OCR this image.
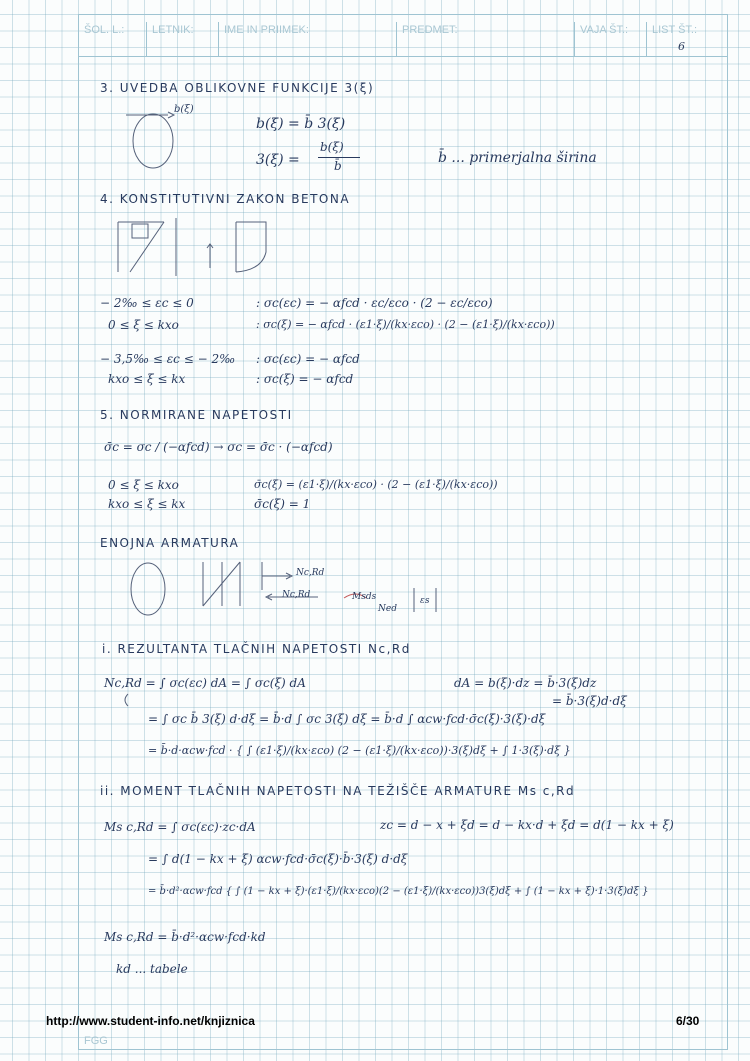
ŠOL. L.:	LETNIK:	IME IN PRIIMEK:	PREDMET:	VAJA ŠT.: LIST ŠT.:
6
3. UVEDBA OBLIKOVNE FUNKCIJE 3(ξ)
b(ξ)
b(ξ) = b̄ 3(ξ)
3(ξ) =
b(ξ)
b̄	b̄ ... primerjalna širina
4. KONSTITUTIVNI ZAKON BETONA
− 2‰ ≤ εc ≤ 0	: σc(εc) = − αfcd · εc/εco · (2 − εc/εco)
0 ≤ ξ ≤ kxo	: σc(ξ) = − αfcd · (ε1·ξ)/(kx·εco) · (2 − (ε1·ξ)/(kx·εco))
− 3,5‰ ≤ εc ≤ − 2‰ : σc(εc) = − αfcd
kxo ≤ ξ ≤ kx	: σc(ξ) = − αfcd
5. NORMIRANE NAPETOSTI
σ̄c = σc / (−αfcd) → σc = σ̄c · (−αfcd)
0 ≤ ξ ≤ kxo	σ̄c(ξ) = (ε1·ξ)/(kx·εco) · (2 − (ε1·ξ)/(kx·εco))
kxo ≤ ξ ≤ kx	σ̄c(ξ) = 1
ENOJNA ARMATURA
Nc,Rd
Nc,Rd	Msds
Ned
εs
i. REZULTANTA TLAČNIH NAPETOSTI Nc,Rd
Nc,Rd = ∫ σc(εc) dA = ∫ σc(ξ) dA	dA = b(ξ)·dz = b̄·3(ξ)dz
= b̄·3(ξ)d·dξ
= ∫ σc b̄ 3(ξ) d·dξ = b̄·d ∫ σc 3(ξ) dξ = b̄·d ∫ αcw·fcd·σ̄c(ξ)·3(ξ)·dξ
= b̄·d·αcw·fcd · { ∫ (ε1·ξ)/(kx·εco) (2 − (ε1·ξ)/(kx·εco))·3(ξ)dξ + ∫ 1·3(ξ)·dξ }
ii. MOMENT TLAČNIH NAPETOSTI NA TEŽIŠČE ARMATURE Ms c,Rd
Ms c,Rd = ∫ σc(εc)·zc·dA	zc = d − x + ξd = d − kx·d + ξd = d(1 − kx + ξ)
= ∫ d(1 − kx + ξ) αcw·fcd·σ̄c(ξ)·b̄·3(ξ) d·dξ
= b̄·d²·αcw·fcd { ∫ (1 − kx + ξ)·(ε1·ξ)/(kx·εco)(2 − (ε1·ξ)/(kx·εco))3(ξ)dξ + ∫ (1 − kx + ξ)·1·3(ξ)dξ }
Ms c,Rd = b̄·d²·αcw·fcd·kd
kd ... tabele
http://www.student-info.net/knjiznica	6/30
FGG
